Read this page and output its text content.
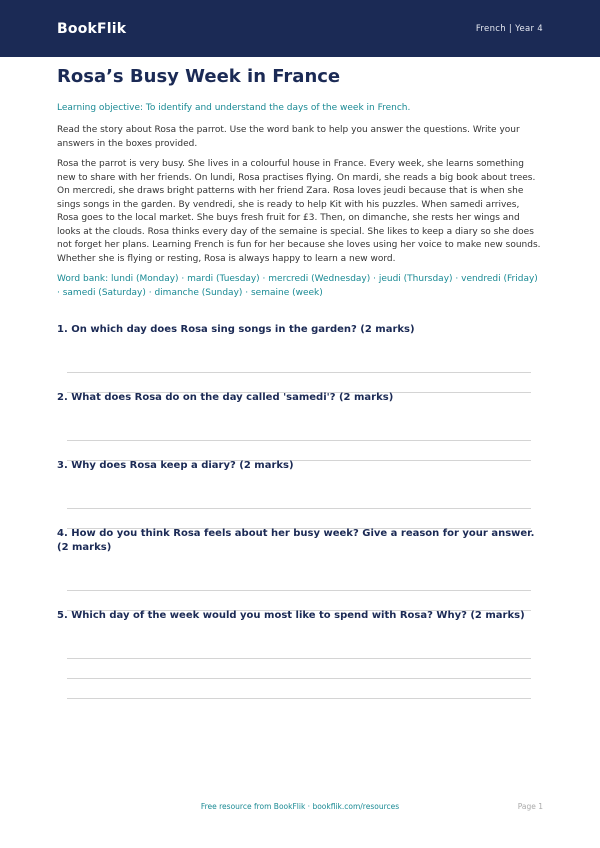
BookFlik	French | Year 4
Rosa’s Busy Week in France
Learning objective: To identify and understand the days of the week in French.
Read the story about Rosa the parrot. Use the word bank to help you answer the questions. Write your answers in the boxes provided.
Rosa the parrot is very busy. She lives in a colourful house in France. Every week, she learns something new to share with her friends. On lundi, Rosa practises flying. On mardi, she reads a big book about trees. On mercredi, she draws bright patterns with her friend Zara. Rosa loves jeudi because that is when she sings songs in the garden. By vendredi, she is ready to help Kit with his puzzles. When samedi arrives, Rosa goes to the local market. She buys fresh fruit for £3. Then, on dimanche, she rests her wings and looks at the clouds. Rosa thinks every day of the semaine is special. She likes to keep a diary so she does not forget her plans. Learning French is fun for her because she loves using her voice to make new sounds. Whether she is flying or resting, Rosa is always happy to learn a new word.
Word bank: lundi (Monday) · mardi (Tuesday) · mercredi (Wednesday) · jeudi (Thursday) · vendredi (Friday) · samedi (Saturday) · dimanche (Sunday) · semaine (week)
1. On which day does Rosa sing songs in the garden? (2 marks)
2. What does Rosa do on the day called 'samedi'? (2 marks)
3. Why does Rosa keep a diary? (2 marks)
4. How do you think Rosa feels about her busy week? Give a reason for your answer. (2 marks)
5. Which day of the week would you most like to spend with Rosa? Why? (2 marks)
Free resource from BookFlik · bookflik.com/resources	Page 1
